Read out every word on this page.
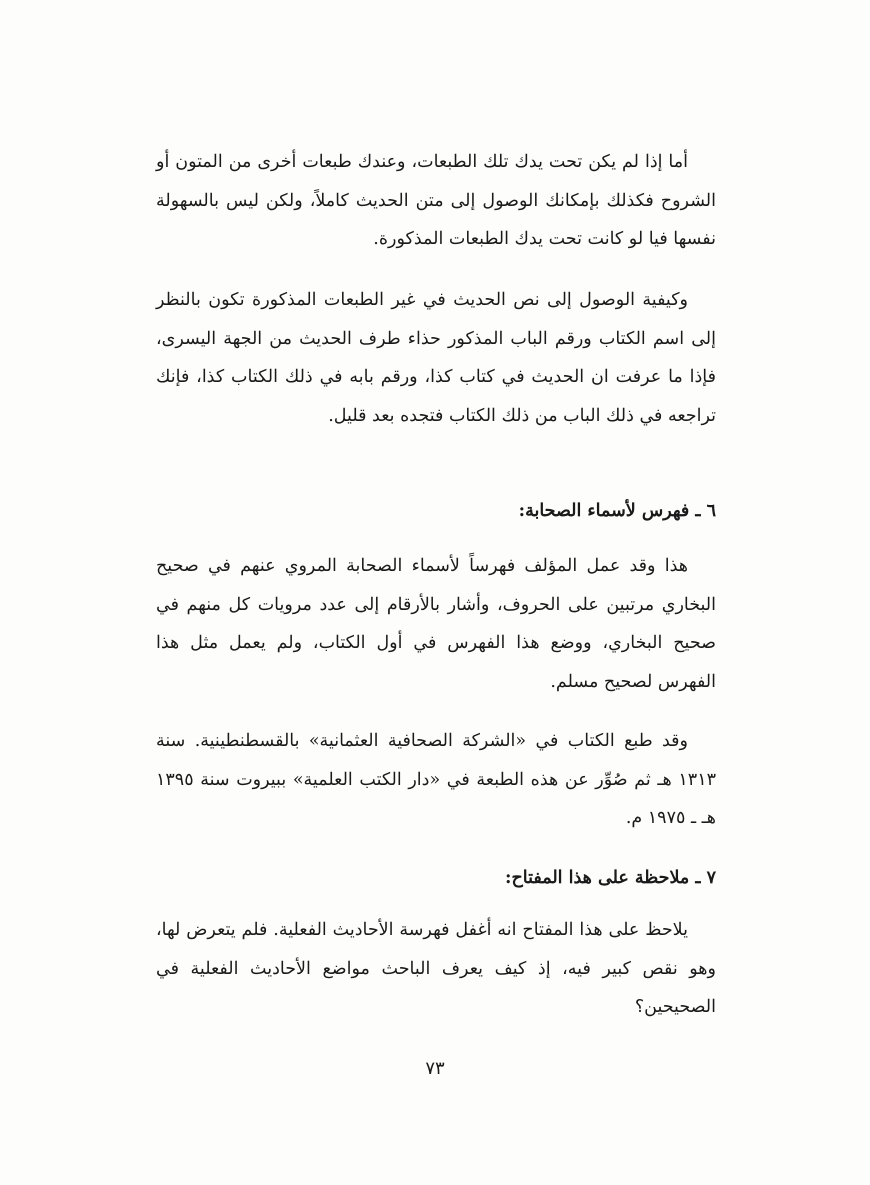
أما إذا لم يكن تحت يدك تلك الطبعات، وعندك طبعات أخرى من المتون أو الشروح فكذلك بإمكانك الوصول إلى متن الحديث كاملاً، ولكن ليس بالسهولة نفسها فيا لو كانت تحت يدك الطبعات المذكورة.

وكيفية الوصول إلى نص الحديث في غير الطبعات المذكورة تكون بالنظر إلى اسم الكتاب ورقم الباب المذكور حذاء طرف الحديث من الجهة اليسرى، فإذا ما عرفت ان الحديث في كتاب كذا، ورقم بابه في ذلك الكتاب كذا، فإنك تراجعه في ذلك الباب من ذلك الكتاب فتجده بعد قليل.

٦ ـ فهرس لأسماء الصحابة:

هذا وقد عمل المؤلف فهرساً لأسماء الصحابة المروي عنهم في صحيح البخاري مرتبين على الحروف، وأشار بالأرقام إلى عدد مرويات كل منهم في صحيح البخاري، ووضع هذا الفهرس في أول الكتاب، ولم يعمل مثل هذا الفهرس لصحيح مسلم.

وقد طبع الكتاب في «الشركة الصحافية العثمانية» بالقسطنطينية. سنة ١٣١٣ هـ ثم صُوِّر عن هذه الطبعة في «دار الكتب العلمية» ببيروت سنة ١٣٩٥ هـ ـ ١٩٧٥ م.

٧ ـ ملاحظة على هذا المفتاح:

يلاحظ على هذا المفتاح انه أغفل فهرسة الأحاديث الفعلية. فلم يتعرض لها، وهو نقص كبير فيه، إذ كيف يعرف الباحث مواضع الأحاديث الفعلية في الصحيحين؟

٧٣
